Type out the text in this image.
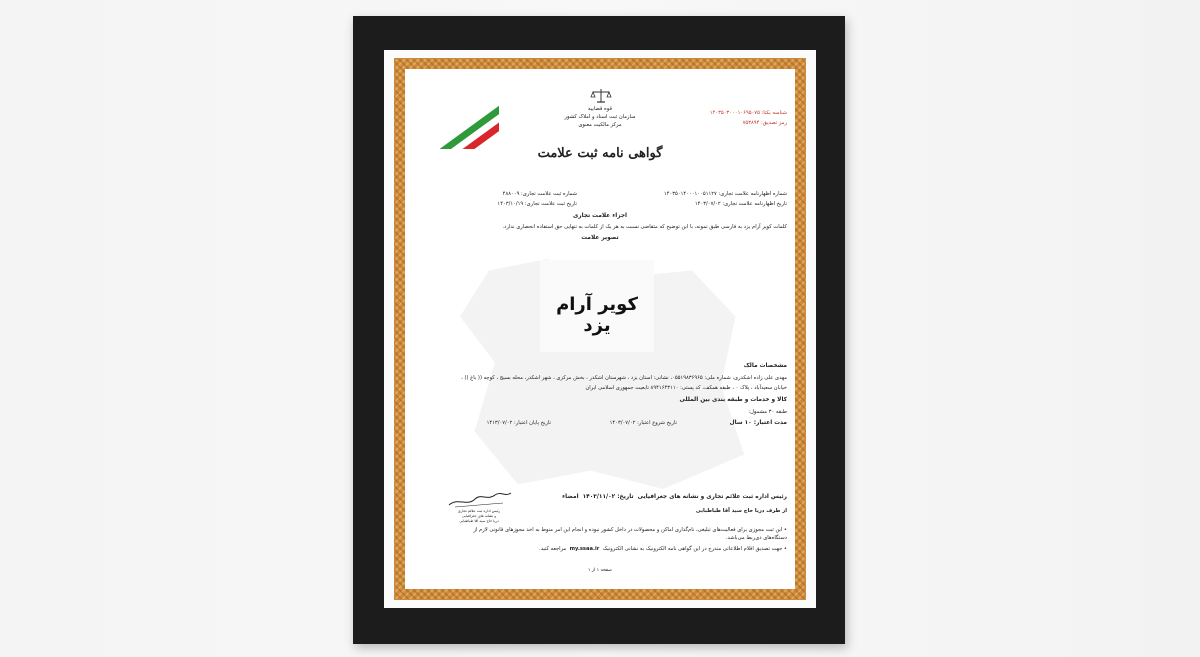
قوه قضاییه
سازمان ثبت اسناد و املاک کشور
مرکز مالکیت معنوی
شناسه یکتا: ۱۴۰۳۵۰۳۰۰۰۱۰۶۹۵۰۷۵
رمز تصدیق: ۷۵۳۸۹۴
گواهی نامه ثبت علامت
شماره اظهارنامه علامت تجاری: ۱۴۰۳۵۰۱۴۰۰۰۱۰۰۵۱۱۲۷
تاریخ اظهارنامه علامت تجاری: ۱۴۰۳/۰۷/۰۲
شماره ثبت علامت تجاری: ۴۸۸۰۰۹
تاریخ ثبت علامت تجاری: ۱۴۰۳/۱۰/۱۹
اجزاء علامت تجاری
کلمات کویر آرام یزد به فارسی طبق نمونه، با این توضیح که متقاضی نسبت به هر یک از کلمات به تنهایی حق استفاده انحصاری ندارد.
تصویر علامت
کویر آرام یزد
مشخصات مالک
مهدی علی زاده اشکذری، شماره ملی: ۰۵۵۱۹۸۳۶۹۶۵، نشانی: استان یزد ، شهرستان اشکذر ، بخش مرکزی ، شهر اشکذر، محله بسیج ، کوچه (( باغ )) ،
خیابان سعیدآباد ، پلاک ۰ ، طبقه همکف، کد پستی: ۸۹۴۱۶۴۳۱۱۰ تابعیت جمهوری اسلامی ایران
کالا و خدمات و طبقه بندی بین المللی
طبقه ۳۰ مشمول:
مدت اعتبار: ۱۰ سال
تاریخ شروع اعتبار: ۱۴۰۳/۰۷/۰۲
تاریخ پایان اعتبار: ۱۴۱۳/۰۷/۰۲
رئیس اداره ثبت علائم تجاری و نشانه های جغرافیایی  تاریخ: ۱۴۰۳/۱۱/۰۲  امضاء
از طرف دریا حاج سید آقا طباطبایی
رئیس اداره ثبت علائم تجاری
و نشانه های جغرافیایی
دریا حاج سید آقا طباطبایی
• این ثبت مجوزی برای فعالیت‌های تبلیغی، نام‌گذاری اماکن و محصولات در داخل کشور نبوده و انجام این امر منوط به اخذ مجوزهای قانونی لازم از
دستگاه‌های ذی‌ربط می‌باشد.
• جهت تصدیق اقلام اطلاعاتی مندرج در این گواهی نامه الکترونیک به نشانی الکترونیک  my.ssaa.ir  مراجعه کنید.
صفحه ۱ از ۱
